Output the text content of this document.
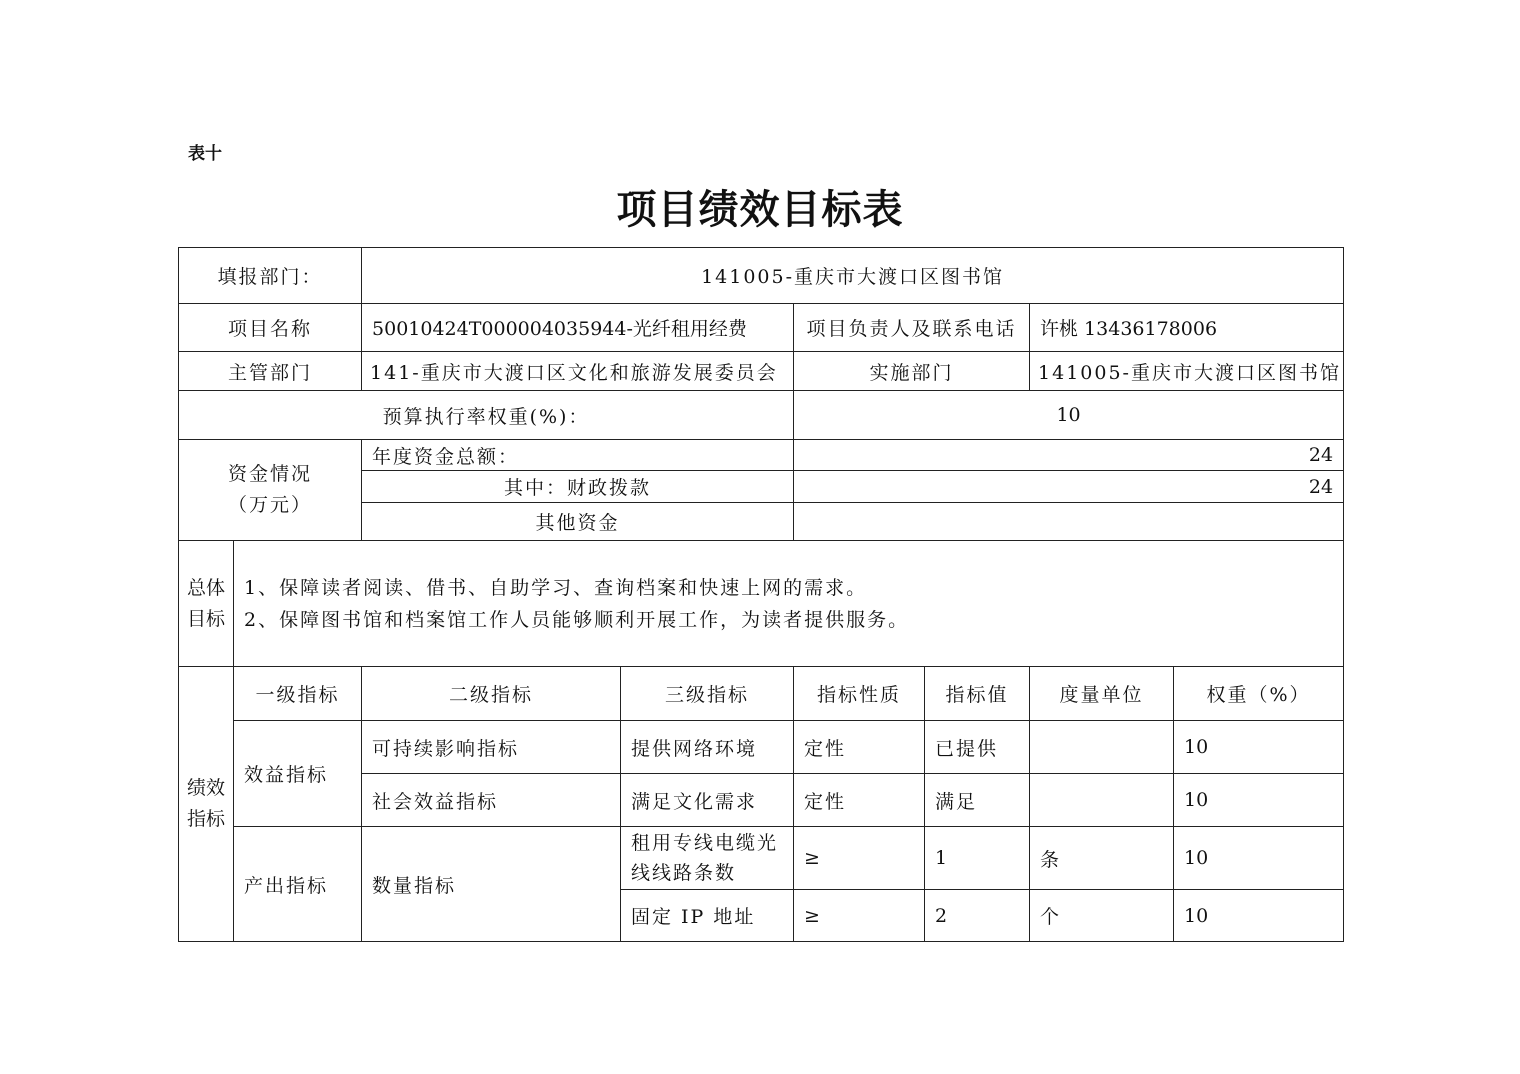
表十
项目绩效目标表
填报部门：		141005-重庆市大渡口区图书馆					
项目名称		50010424T000004035944-光纤租用经费		项目负责人及联系电话		许桃 13436178006	
主管部门		141-重庆市大渡口区文化和旅游发展委员会		实施部门		141005-重庆市大渡口区图书馆	
预算执行率权重(%)：				10			

资金情况
（万元）		年度资金总额：		24			
		其中：财政拨款		24			
		其他资金					
总体目标	1、保障读者阅读、借书、自助学习、查询档案和快速上网的需求。
2、保障图书馆和档案馆工作人员能够顺利开展工作，为读者提供服务。						

绩效指标	一级指标	二级指标	三级指标	指标性质	指标值	度量单位	权重（%）
	效益指标	可持续影响指标	提供网络环境	定性	已提供		10
		社会效益指标	满足文化需求	定性	满足		10
	产出指标	数量指标	租用专线电缆光线线路条数	≥	1	条	10
			固定 IP 地址	≥	2	个	10
